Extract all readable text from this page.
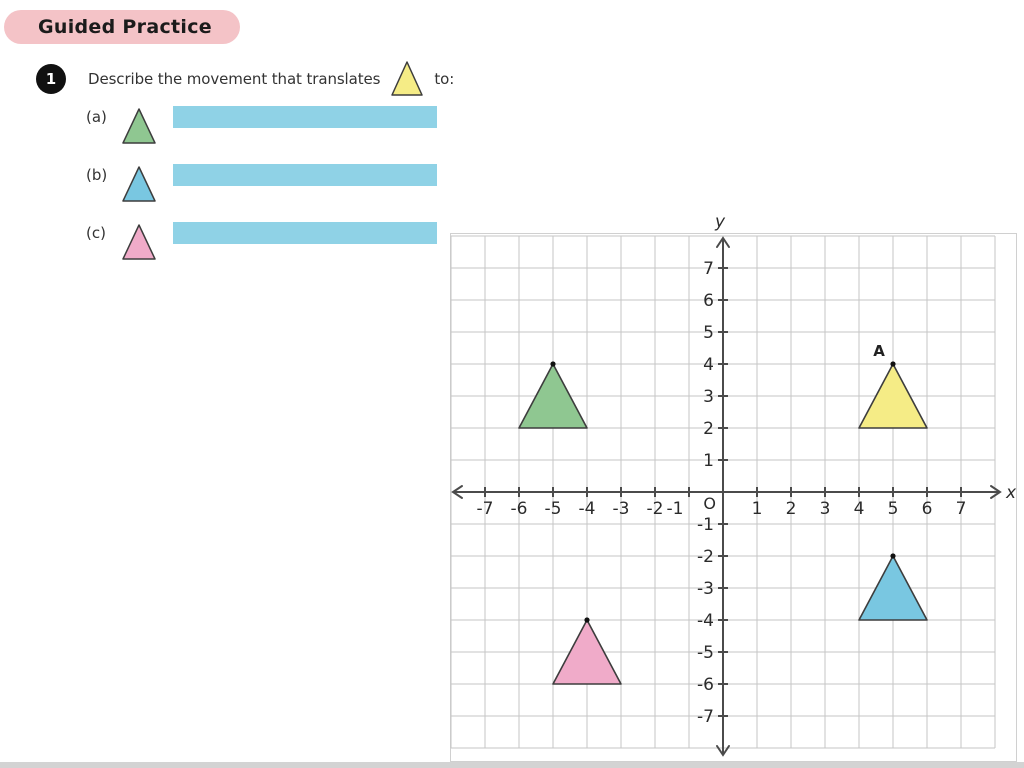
Guided Practice
1	Describe the movement that translates	to:
(a)
(b)
(c)
-7 -6 -5 -4 -3 -2 -1	1 2 3 4 5 6 7
-7
-6
-5
-4
-3
-2
-1
1
2
3
4
5
6
7
O
x
y
A
